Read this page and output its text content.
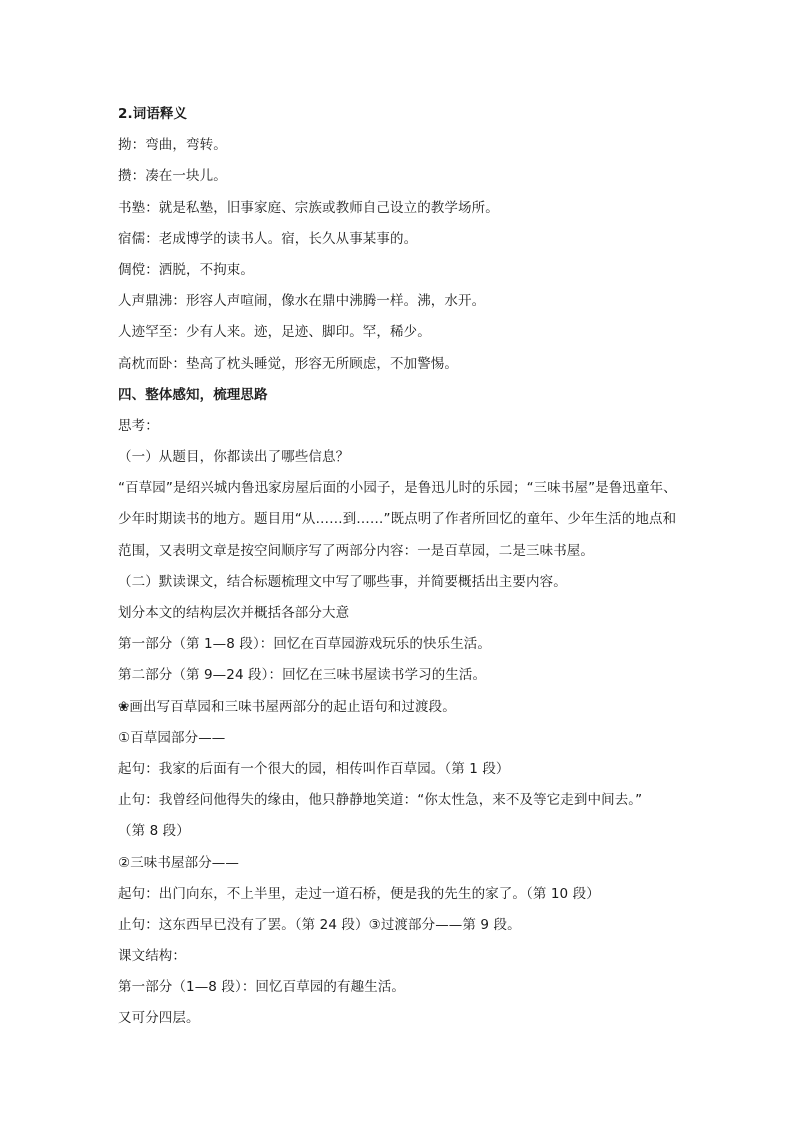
2.词语释义
拗：弯曲，弯转。
攒：凑在一块儿。
书塾：就是私塾，旧事家庭、宗族或教师自己设立的教学场所。
宿儒：老成博学的读书人。宿，长久从事某事的。
倜傥：洒脱，不拘束。
人声鼎沸：形容人声喧闹，像水在鼎中沸腾一样。沸，水开。
人迹罕至：少有人来。迹，足迹、脚印。罕，稀少。
高枕而卧：垫高了枕头睡觉，形容无所顾虑，不加警惕。
四、整体感知，梳理思路
思考：
（一）从题目，你都读出了哪些信息？
“百草园”是绍兴城内鲁迅家房屋后面的小园子，是鲁迅儿时的乐园；“三味书屋”是鲁迅童年、
少年时期读书的地方。题目用“从……到……”既点明了作者所回忆的童年、少年生活的地点和
范围，又表明文章是按空间顺序写了两部分内容：一是百草园，二是三味书屋。
（二）默读课文，结合标题梳理文中写了哪些事，并简要概括出主要内容。
划分本文的结构层次并概括各部分大意
第一部分（第 1—8 段）：回忆在百草园游戏玩乐的快乐生活。
第二部分（第 9—24 段）：回忆在三味书屋读书学习的生活。
❀画出写百草园和三味书屋两部分的起止语句和过渡段。
①百草园部分——
起句：我家的后面有一个很大的园，相传叫作百草园。（第 1 段）
止句：我曾经问他得失的缘由，他只静静地笑道：“你太性急，来不及等它走到中间去。”
（第 8 段）
②三味书屋部分——
起句：出门向东，不上半里，走过一道石桥，便是我的先生的家了。（第 10 段）
止句：这东西早已没有了罢。（第 24 段）③过渡部分——第 9 段。
课文结构：
第一部分（1—8 段）：回忆百草园的有趣生活。
又可分四层。
